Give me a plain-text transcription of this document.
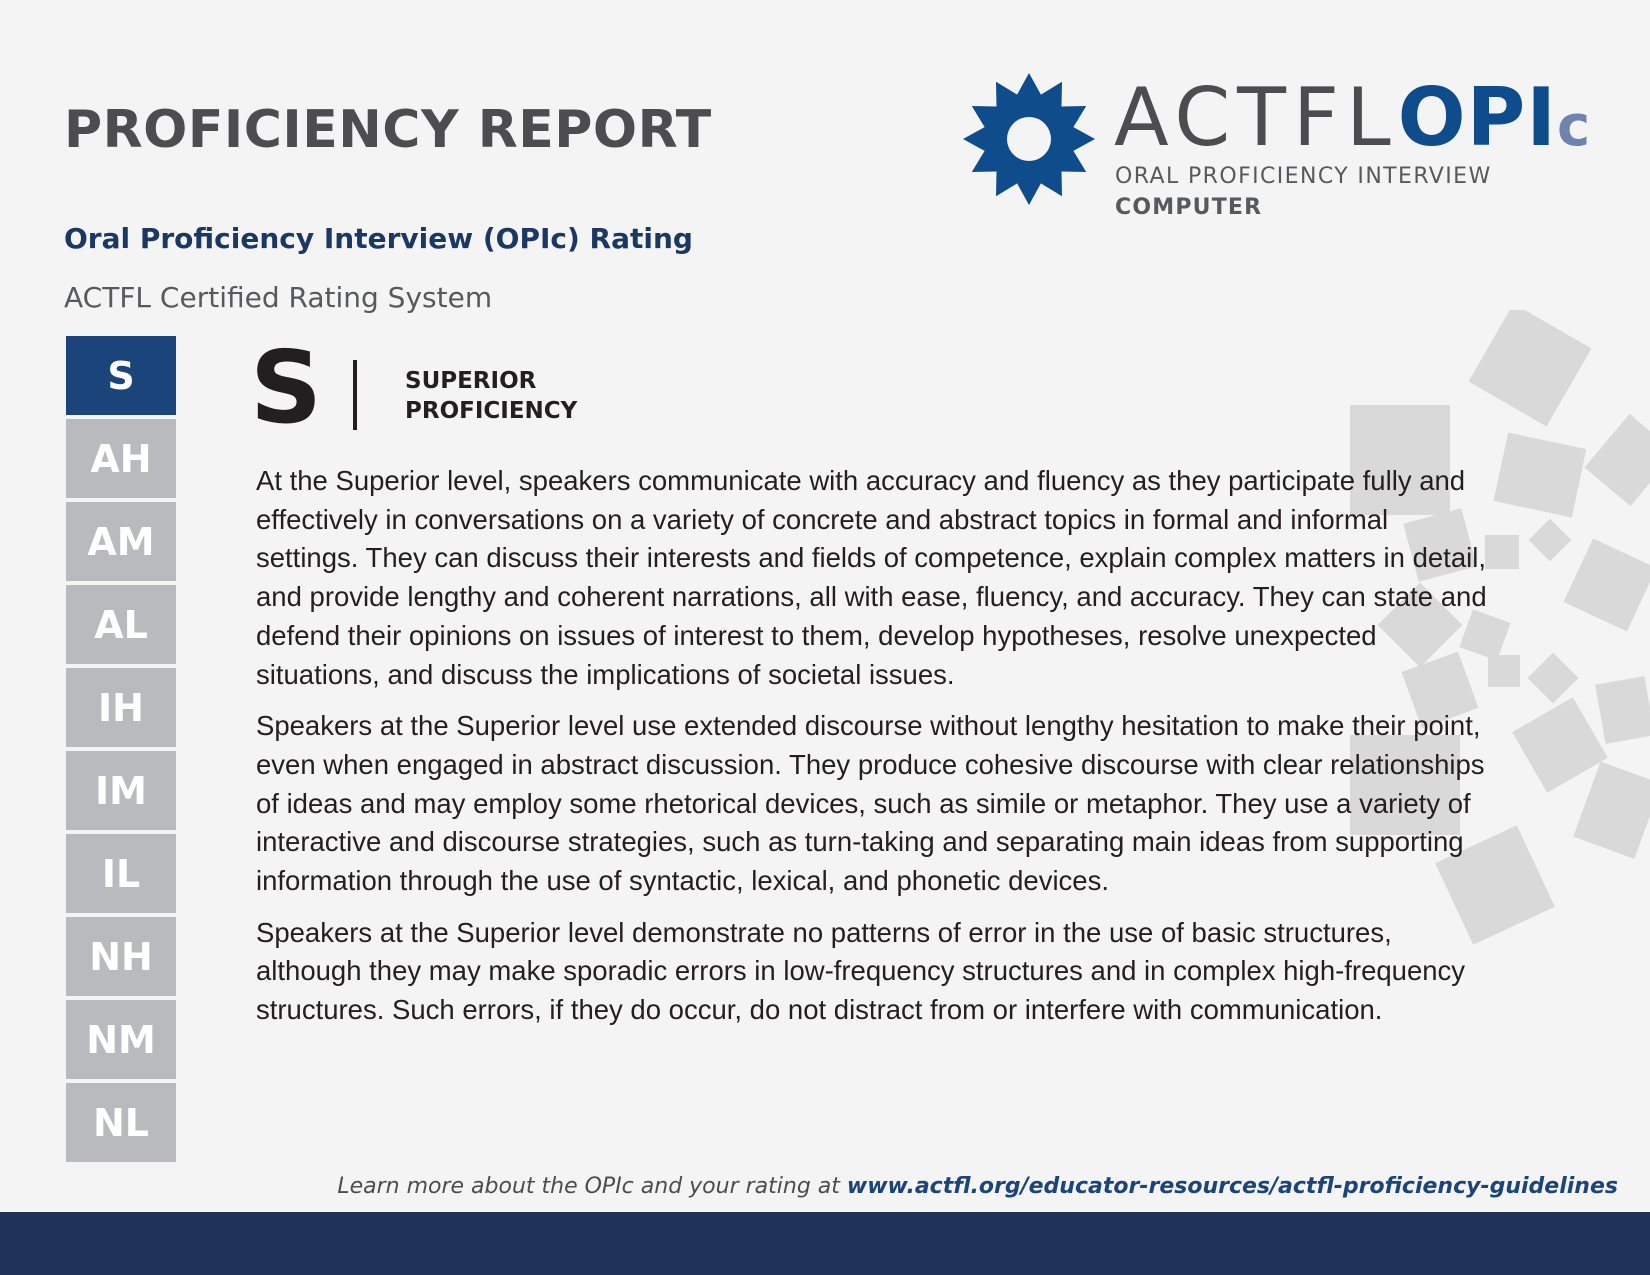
PROFICIENCY REPORT
Oral Proficiency Interview (OPIc) Rating

ACTFL Certified Rating System

ACTFLOPIc

ORAL PROFICIENCY INTERVIEW

COMPUTER

S
AH
AM
AL
IH
IM
IL
NH
NM
NL
S	SUPERIOR
PROFICIENCY

At the Superior level, speakers communicate with accuracy and fluency as they participate fully and effectively in conversations on a variety of concrete and abstract topics in formal and informal settings. They can discuss their interests and fields of competence, explain complex matters in detail, and provide lengthy and coherent narrations, all with ease, fluency, and accuracy. They can state and defend their opinions on issues of interest to them, develop hypotheses, resolve unexpected situations, and discuss the implications of societal issues.

Speakers at the Superior level use extended discourse without lengthy hesitation to make their point, even when engaged in abstract discussion. They produce cohesive discourse with clear relationships of ideas and may employ some rhetorical devices, such as simile or metaphor. They use a variety of interactive and discourse strategies, such as turn-taking and separating main ideas from supporting information through the use of syntactic, lexical, and phonetic devices.

Speakers at the Superior level demonstrate no patterns of error in the use of basic structures, although they may make sporadic errors in low-frequency structures and in complex high-frequency structures. Such errors, if they do occur, do not distract from or interfere with communication.

Learn more about the OPIc and your rating at www.actfl.org/educator-resources/actfl-proficiency-guidelines
